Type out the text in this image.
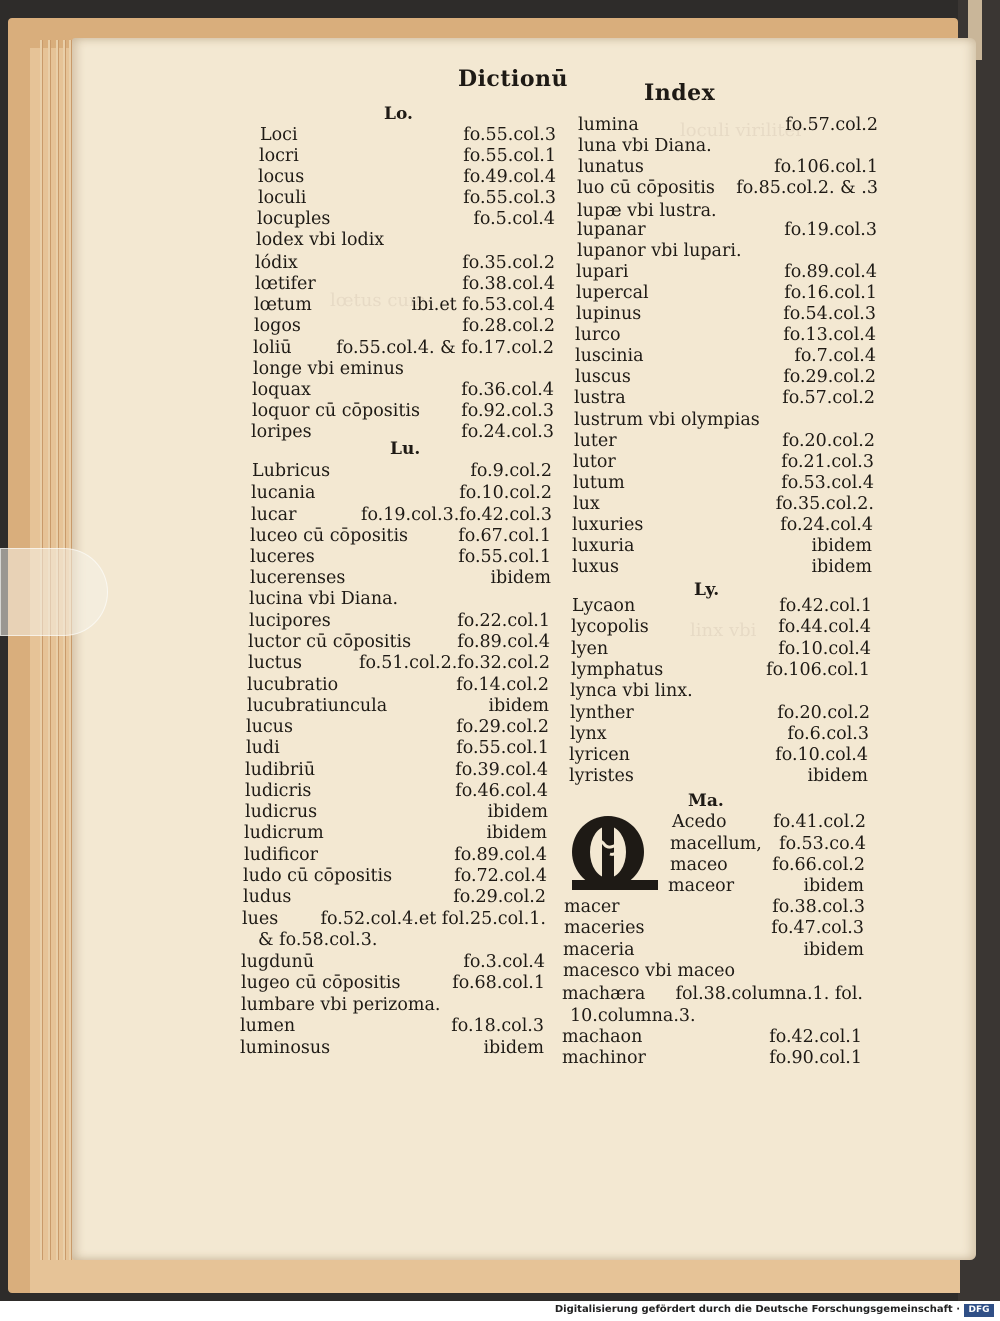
loculi viriliter
lœtus cum
linx vbi
Dictionū
Index
Lo.
Lu.
Ly.
Ma.
Loci	fo.55.col.3
locri	fo.55.col.1
locus	fo.49.col.4
loculi	fo.55.col.3
locuples	fo.5.col.4
lodex vbi lodix
lódix	fo.35.col.2
lœtifer	fo.38.col.4
lœtum	ibi.et fo.53.col.4
logos	fo.28.col.2
loliū	fo.55.col.4. & fo.17.col.2
longe vbi eminus
loquax	fo.36.col.4
loquor cū cōpositis fo.92.col.3
loripes	fo.24.col.3
Lubricus	fo.9.col.2
lucania	fo.10.col.2
lucar	fo.19.col.3.fo.42.col.3
luceo cū cōpositis	fo.67.col.1
luceres	fo.55.col.1
lucerenses	ibidem
lucina vbi Diana.
lucipores	fo.22.col.1
luctor cū cōpositis	fo.89.col.4
luctus	fo.51.col.2.fo.32.col.2
lucubratio	fo.14.col.2
lucubratiuncula	ibidem
lucus	fo.29.col.2
ludi	fo.55.col.1
ludibriū	fo.39.col.4
ludicris	fo.46.col.4
ludicrus	ibidem
ludicrum	ibidem
ludificor	fo.89.col.4
ludo cū cōpositis	fo.72.col.4
ludus	fo.29.col.2
lues fo.52.col.4.et fol.25.col.1.
& fo.58.col.3.
lugdunū	fo.3.col.4
lugeo cū cōpositis	fo.68.col.1
lumbare vbi perizoma.
lumen	fo.18.col.3
luminosus	ibidem
lumina	fo.57.col.2
luna vbi Diana.
lunatus	fo.106.col.1
luo cū cōpositis fo.85.col.2. & .3
lupæ vbi lustra.
lupanar	fo.19.col.3
lupanor vbi lupari.
lupari	fo.89.col.4
lupercal	fo.16.col.1
lupinus	fo.54.col.3
lurco	fo.13.col.4
luscinia	fo.7.col.4
luscus	fo.29.col.2
lustra	fo.57.col.2
lustrum vbi olympias
luter	fo.20.col.2
lutor	fo.21.col.3
lutum	fo.53.col.4
lux	fo.35.col.2.
luxuries	fo.24.col.4
luxuria	ibidem
luxus	ibidem
Lycaon	fo.42.col.1
lycopolis	fo.44.col.4
lyen	fo.10.col.4
lymphatus	fo.106.col.1
lynca vbi linx.
lynther	fo.20.col.2
lynx	fo.6.col.3
lyricen	fo.10.col.4
lyristes	ibidem
Acedo	fo.41.col.2
macellum, fo.53.co.4
maceo	fo.66.col.2
maceor	ibidem
macer	fo.38.col.3
maceries	fo.47.col.3
maceria	ibidem
macesco vbi maceo
machæra fol.38.columna.1. fol.
10.columna.3.
machaon	fo.42.col.1
machinor	fo.90.col.1
Digitalisierung gefördert durch die Deutsche Forschungsgemeinschaft · DFG
